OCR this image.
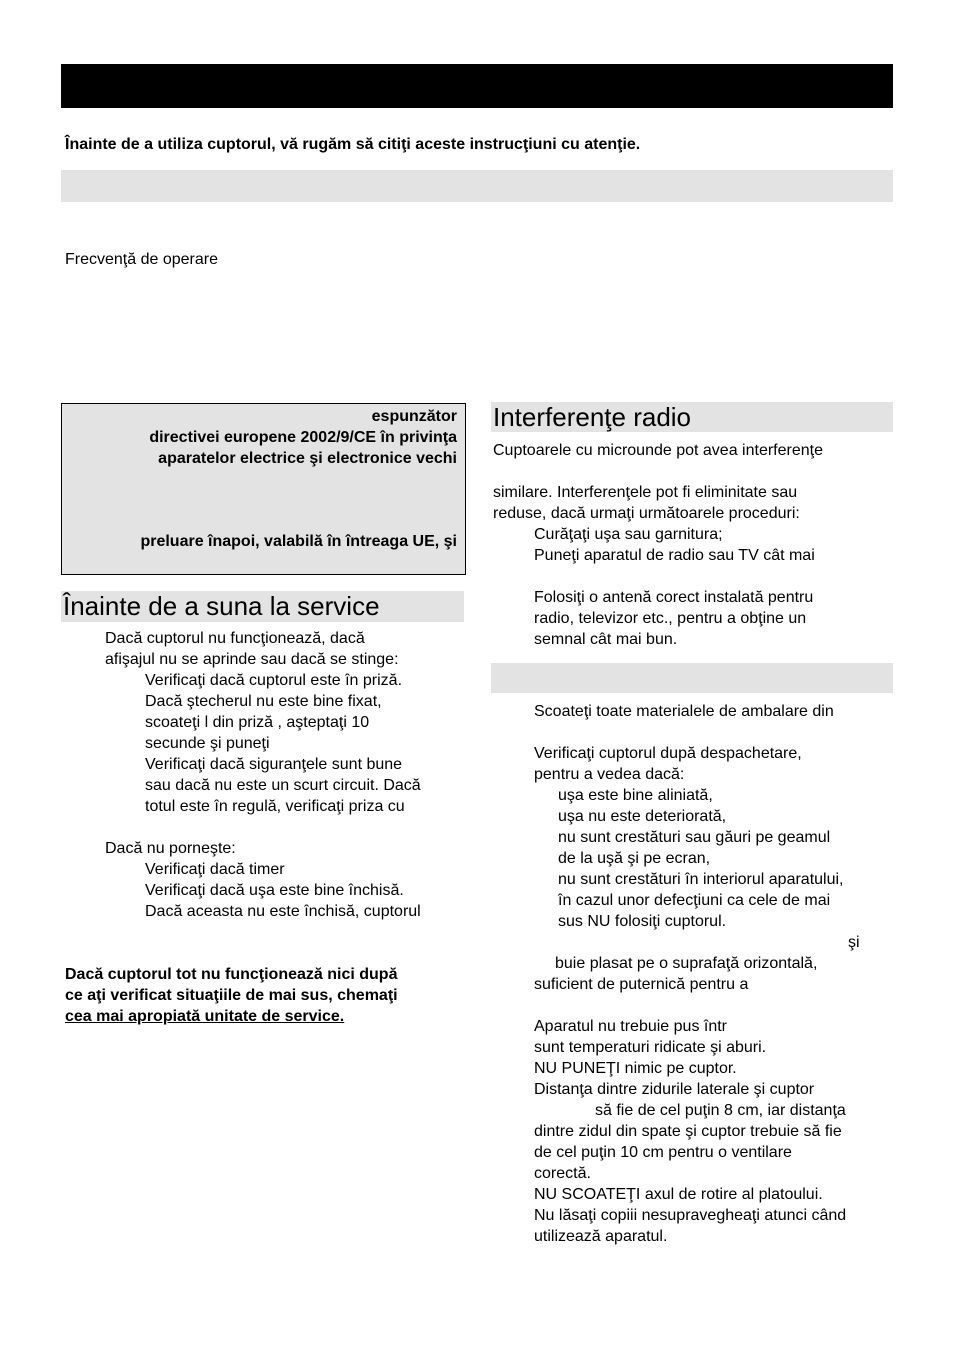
Înainte de a utiliza cuptorul, vă rugăm să citiţi aceste instrucţiuni cu atenţie.
Frecvenţă de operare
espunzător
directivei europene 2002/9/CE în privinţa
aparatelor electrice şi electronice vechi
preluare înapoi, valabilă în întreaga UE, şi
Înainte de a suna la service
Dacă cuptorul nu funcţionează, dacă
afişajul nu se aprinde sau dacă se stinge:
Verificaţi dacă cuptorul este în priză.
Dacă ştecherul nu este bine fixat,
scoateţi l din priză , aşteptaţi 10
secunde şi puneţi
Verificaţi dacă siguranţele sunt bune
sau dacă nu este un scurt circuit. Dacă
totul este în regulă, verificaţi priza cu
Dacă nu porneşte:
Verificaţi dacă timer
Verificaţi dacă uşa este bine închisă.
Dacă aceasta nu este închisă, cuptorul
Dacă cuptorul tot nu funcţionează nici după
ce aţi verificat situaţiile de mai sus, chemaţi
cea mai apropiată unitate de service.
Interferenţe radio
Cuptoarele cu microunde pot avea interferenţe
similare. Interferenţele pot fi eliminitate sau
reduse, dacă urmaţi următoarele proceduri:
Curăţaţi uşa sau garnitura;
Puneţi aparatul de radio sau TV cât mai
Folosiţi o antenă corect instalată pentru
radio, televizor etc., pentru a obţine un
semnal cât mai bun.
Scoateţi toate materialele de ambalare din
Verificaţi cuptorul după despachetare,
pentru a vedea dacă:
uşa este bine aliniată,
uşa nu este deteriorată,
nu sunt crestături sau găuri pe geamul
de la uşă şi pe ecran,
nu sunt crestături în interiorul aparatului,
în cazul unor defecţiuni ca cele de mai
sus NU folosiţi cuptorul.
şi
buie plasat pe o suprafaţă orizontală,
suficient de puternică pentru a
Aparatul nu trebuie pus într
sunt temperaturi ridicate şi aburi.
NU PUNEŢI nimic pe cuptor.
Distanţa dintre zidurile laterale şi cuptor
să fie de cel puţin 8 cm, iar distanţa
dintre zidul din spate şi cuptor trebuie să fie
de cel puţin 10 cm pentru o ventilare
corectă.
NU SCOATEŢI axul de rotire al platoului.
Nu lăsaţi copiii nesupravegheaţi atunci când
utilizează aparatul.
